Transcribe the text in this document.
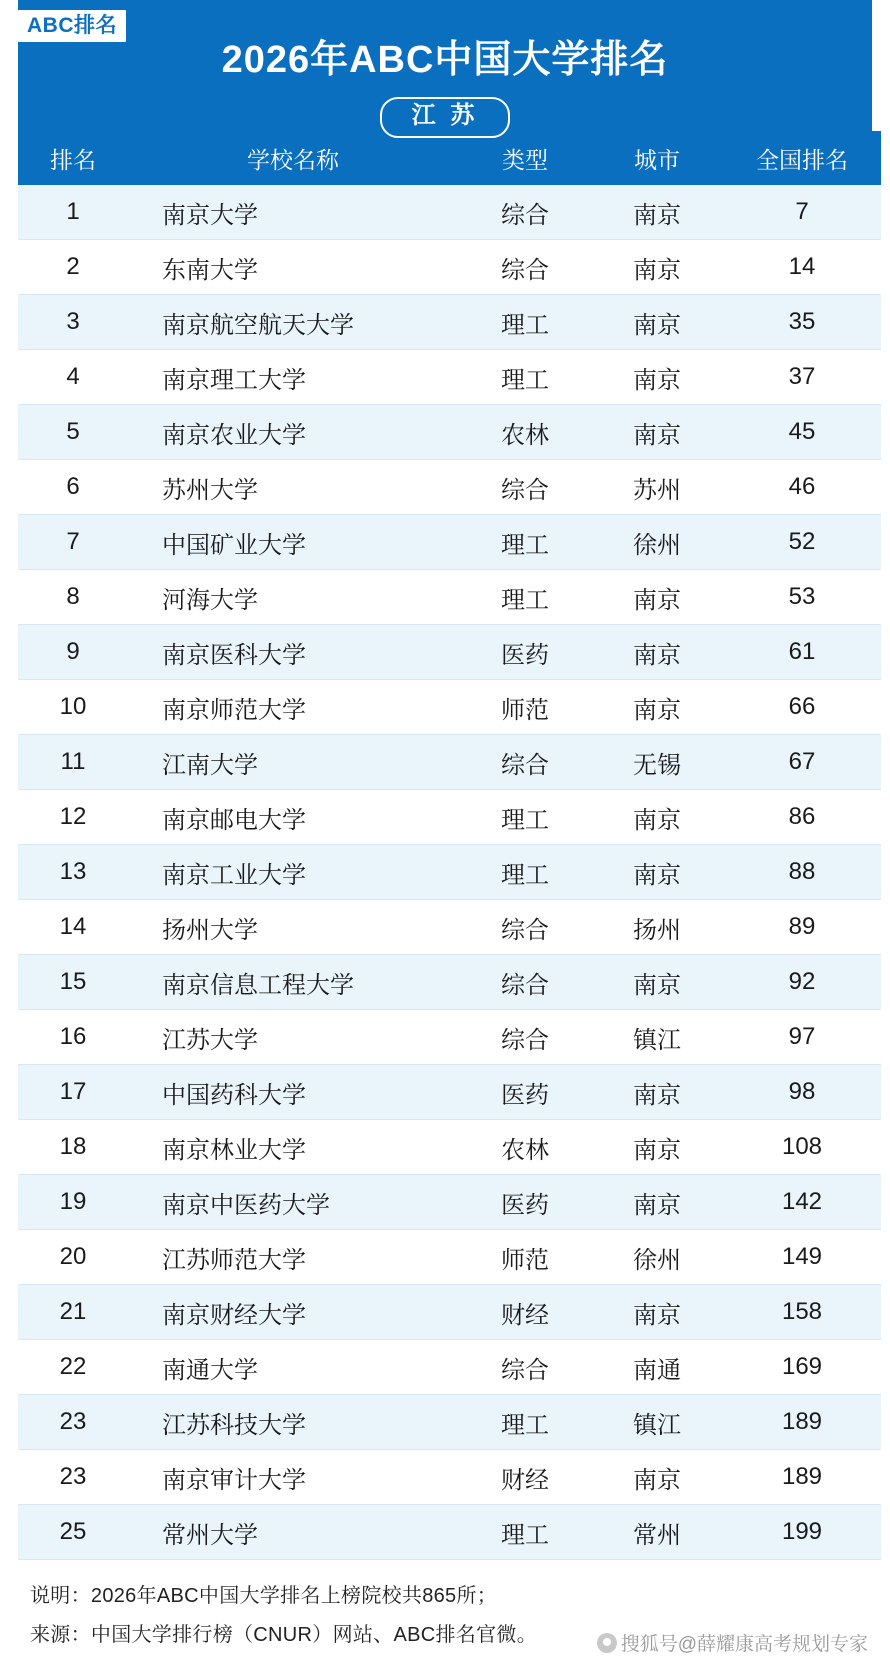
ABC排名
2026年ABC中国大学排名
江 苏
排名	学校名称	类型	城市	全国排名
1	南京大学	综合	南京	7
2	东南大学	综合	南京	14
3	南京航空航天大学	理工	南京	35
4	南京理工大学	理工	南京	37
5	南京农业大学	农林	南京	45
6	苏州大学	综合	苏州	46
7	中国矿业大学	理工	徐州	52
8	河海大学	理工	南京	53
9	南京医科大学	医药	南京	61
10	南京师范大学	师范	南京	66
11	江南大学	综合	无锡	67
12	南京邮电大学	理工	南京	86
13	南京工业大学	理工	南京	88
14	扬州大学	综合	扬州	89
15	南京信息工程大学	综合	南京	92
16	江苏大学	综合	镇江	97
17	中国药科大学	医药	南京	98
18	南京林业大学	农林	南京	108
19	南京中医药大学	医药	南京	142
20	江苏师范大学	师范	徐州	149
21	南京财经大学	财经	南京	158
22	南通大学	综合	南通	169
23	江苏科技大学	理工	镇江	189
23	南京审计大学	财经	南京	189
25	常州大学	理工	常州	199
说明：2026年ABC中国大学排名上榜院校共865所；
来源：中国大学排行榜（CNUR）网站、ABC排名官微。	搜狐号@薛耀康高考规划专家
